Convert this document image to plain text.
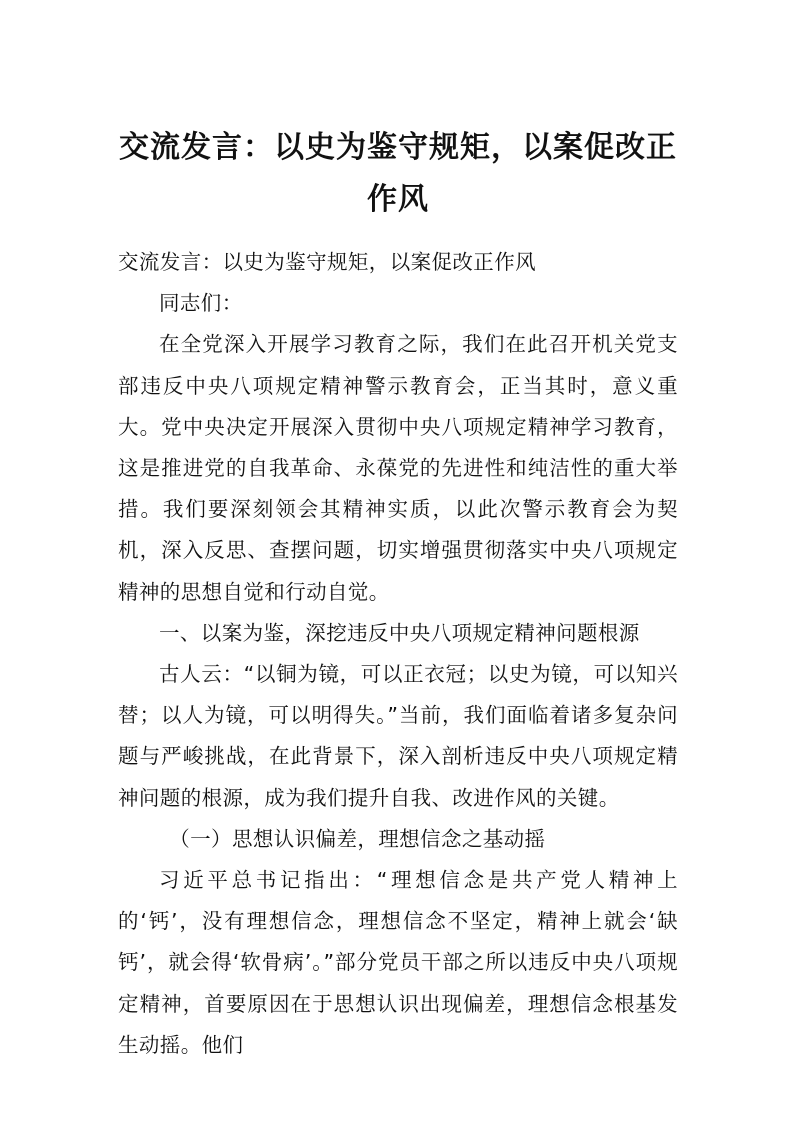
交流发言：以史为鉴守规矩，以案促改正作风

交流发言：以史为鉴守规矩，以案促改正作风

同志们：

在全党深入开展学习教育之际，我们在此召开机关党支部违反中央八项规定精神警示教育会，正当其时，意义重大。党中央决定开展深入贯彻中央八项规定精神学习教育，这是推进党的自我革命、永葆党的先进性和纯洁性的重大举措。我们要深刻领会其精神实质，以此次警示教育会为契机，深入反思、查摆问题，切实增强贯彻落实中央八项规定精神的思想自觉和行动自觉。

一、以案为鉴，深挖违反中央八项规定精神问题根源

古人云：“以铜为镜，可以正衣冠；以史为镜，可以知兴替；以人为镜，可以明得失。”当前，我们面临着诸多复杂问题与严峻挑战，在此背景下，深入剖析违反中央八项规定精神问题的根源，成为我们提升自我、改进作风的关键。

（一）思想认识偏差，理想信念之基动摇

习近平总书记指出：“理想信念是共产党人精神上的‘钙’，没有理想信念，理想信念不坚定，精神上就会‘缺钙’，就会得‘软骨病’。”部分党员干部之所以违反中央八项规定精神，首要原因在于思想认识出现偏差，理想信念根基发生动摇。他们
